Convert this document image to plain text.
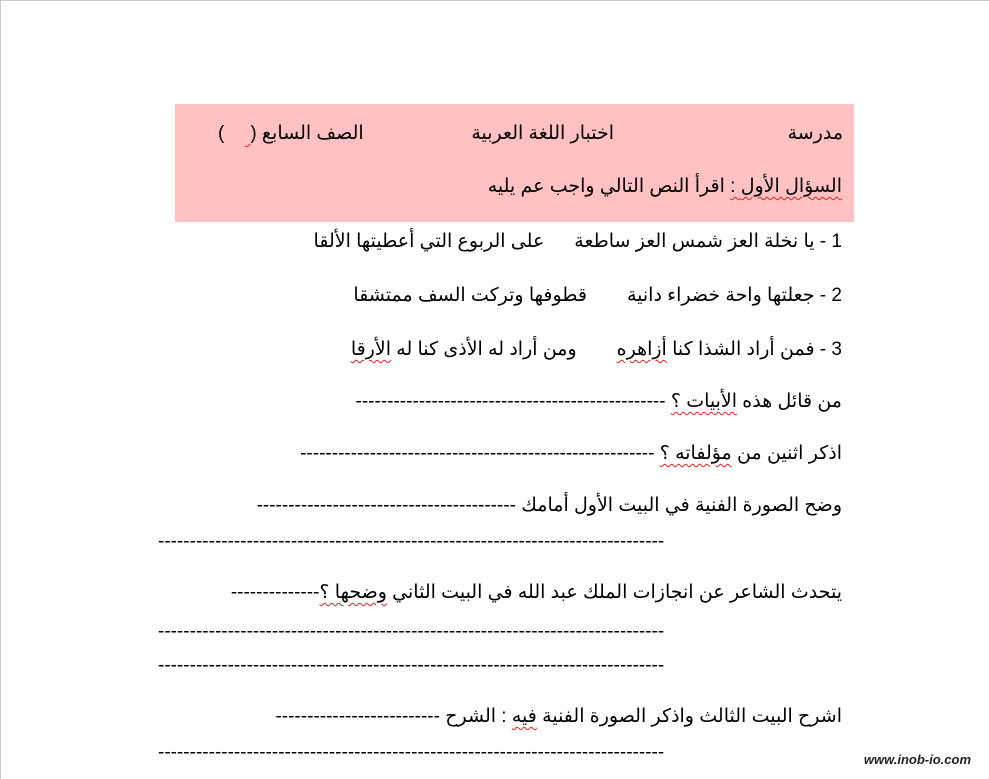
مدرسة
اختبار اللغة العربية
الصف السابع ( )
السؤال الأول : اقرأ النص التالي واجب عم يليه
1 - يا نخلة العز شمس العز ساطعةعلى الربوع التي أعطيتها الألقا
2 - جعلتها واحة خضراء دانيةقطوفها وتركت السف ممتشقا
3 - فمن أراد الشذا كنا أزاهرهومن أراد له الأذى كنا له الأرقا
من قائل هذه الأبيات ؟ -------------------------------------------------
اذكر اثنين من مؤلفاته ؟ --------------------------------------------------------
وضح الصورة الفنية في البيت الأول أمامك -----------------------------------------
--------------------------------------------------------------------------------
يتحدث الشاعر عن انجازات الملك عبد الله في البيت الثاني وضحها ؟--------------
--------------------------------------------------------------------------------
--------------------------------------------------------------------------------
اشرح البيت الثالث واذكر الصورة الفنية فيه : الشرح --------------------------
--------------------------------------------------------------------------------	www.inob-io.com
